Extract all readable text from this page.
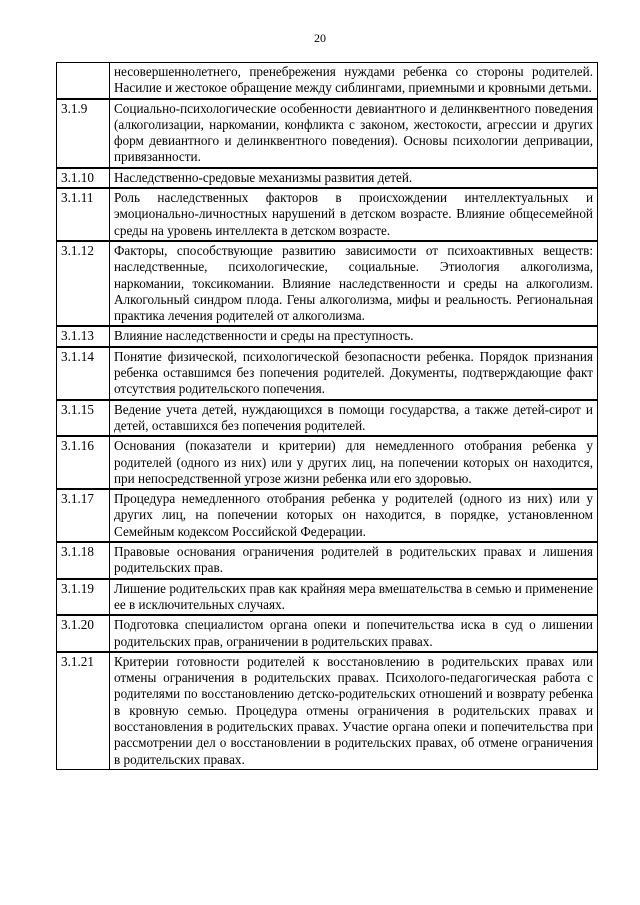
20
	несовершеннолетнего, пренебрежения нуждами ребенка со стороны родителей. Насилие и жестокое обращение между сиблингами, приемными и кровными детьми.
3.1.9	Социально-психологические особенности девиантного и делинквентного поведения (алкоголизации, наркомании, конфликта с законом, жестокости, агрессии и других форм девиантного и делинквентного поведения). Основы психологии депривации, привязанности.
3.1.10	Наследственно-средовые механизмы развития детей.
3.1.11	Роль наследственных факторов в происхождении интеллектуальных и эмоционально-личностных нарушений в детском возрасте. Влияние общесемейной среды на уровень интеллекта в детском возрасте.
3.1.12	Факторы, способствующие развитию зависимости от психоактивных веществ: наследственные, психологические, социальные. Этиология алкоголизма, наркомании, токсикомании. Влияние наследственности и среды на алкоголизм. Алкогольный синдром плода. Гены алкоголизма, мифы и реальность. Региональная практика лечения родителей от алкоголизма.
3.1.13	Влияние наследственности и среды на преступность.
3.1.14	Понятие физической, психологической безопасности ребенка. Порядок признания ребенка оставшимся без попечения родителей. Документы, подтверждающие факт отсутствия родительского попечения.
3.1.15	Ведение учета детей, нуждающихся в помощи государства, а также детей-сирот и детей, оставшихся без попечения родителей.
3.1.16	Основания (показатели и критерии) для немедленного отобрания ребенка у родителей (одного из них) или у других лиц, на попечении которых он находится, при непосредственной угрозе жизни ребенка или его здоровью.
3.1.17	Процедура немедленного отобрания ребенка у родителей (одного из них) или у других лиц, на попечении которых он находится, в порядке, установленном Семейным кодексом Российской Федерации.
3.1.18	Правовые основания ограничения родителей в родительских правах и лишения родительских прав.
3.1.19	Лишение родительских прав как крайняя мера вмешательства в семью и применение ее в исключительных случаях.
3.1.20	Подготовка специалистом органа опеки и попечительства иска в суд о лишении родительских прав, ограничении в родительских правах.
3.1.21	Критерии готовности родителей к восстановлению в родительских правах или отмены ограничения в родительских правах. Психолого-педагогическая работа с родителями по восстановлению детско-родительских отношений и возврату ребенка в кровную семью. Процедура отмены ограничения в родительских правах и восстановления в родительских правах. Участие органа опеки и попечительства при рассмотрении дел о восстановлении в родительских правах, об отмене ограничения в родительских правах.
